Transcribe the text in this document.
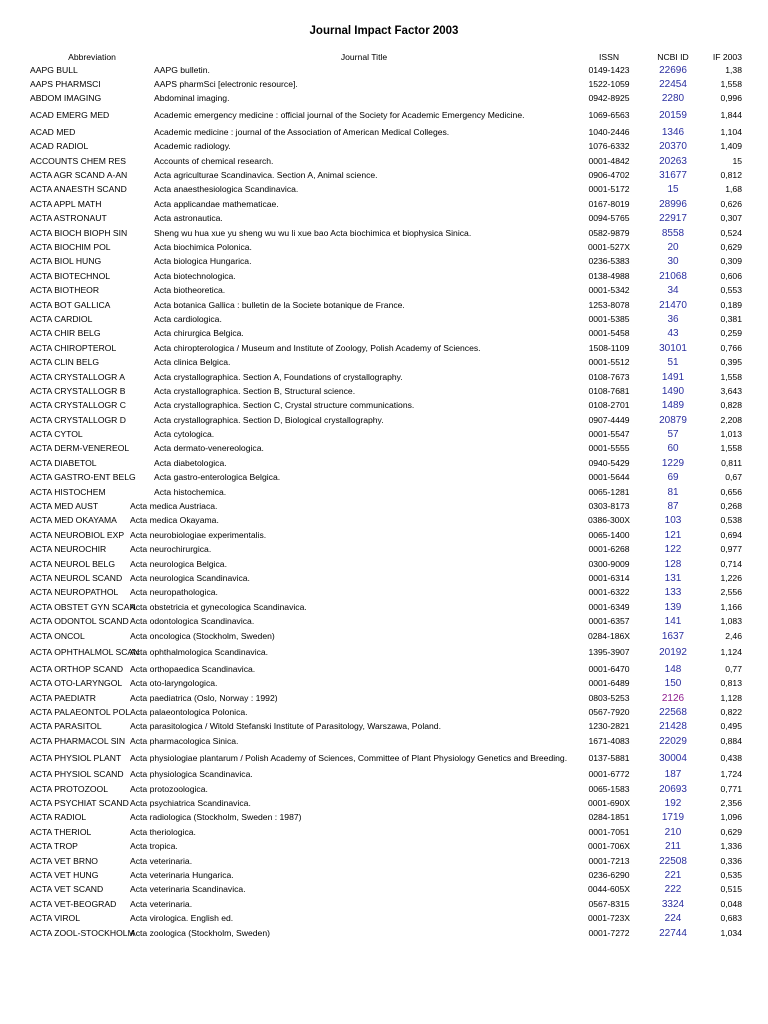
Journal Impact Factor 2003
Abbreviation	Journal Title	ISSN	NCBI ID	IF 2003
AAPG BULL	AAPG bulletin.	0149-1423	22696	1,38
AAPS PHARMSCI	AAPS pharmSci [electronic resource].	1522-1059	22454	1,558
ABDOM IMAGING	Abdominal imaging.	0942-8925	2280	0,996
ACAD EMERG MED	Academic emergency medicine : official journal of the Society for Academic Emergency Medicine.	1069-6563	20159	1,844
ACAD MED	Academic medicine : journal of the Association of American Medical Colleges.	1040-2446	1346	1,104
ACAD RADIOL	Academic radiology.	1076-6332	20370	1,409
ACCOUNTS CHEM RES	Accounts of chemical research.	0001-4842	20263	15
ACTA AGR SCAND A-AN	Acta agriculturae Scandinavica. Section A, Animal science.	0906-4702	31677	0,812
ACTA ANAESTH SCAND	Acta anaesthesiologica Scandinavica.	0001-5172	15	1,68
ACTA APPL MATH	Acta applicandae mathematicae.	0167-8019	28996	0,626
ACTA ASTRONAUT	Acta astronautica.	0094-5765	22917	0,307
ACTA BIOCH BIOPH SIN	Sheng wu hua xue yu sheng wu wu li xue bao Acta biochimica et biophysica Sinica.	0582-9879	8558	0,524
ACTA BIOCHIM POL	Acta biochimica Polonica.	0001-527X	20	0,629
ACTA BIOL HUNG	Acta biologica Hungarica.	0236-5383	30	0,309
ACTA BIOTECHNOL	Acta biotechnologica.	0138-4988	21068	0,606
ACTA BIOTHEOR	Acta biotheoretica.	0001-5342	34	0,553
ACTA BOT GALLICA	Acta botanica Gallica : bulletin de la Societe botanique de France.	1253-8078	21470	0,189
ACTA CARDIOL	Acta cardiologica.	0001-5385	36	0,381
ACTA CHIR BELG	Acta chirurgica Belgica.	0001-5458	43	0,259
ACTA CHIROPTEROL	Acta chiropterologica / Museum and Institute of Zoology, Polish Academy of Sciences.	1508-1109	30101	0,766
ACTA CLIN BELG	Acta clinica Belgica.	0001-5512	51	0,395
ACTA CRYSTALLOGR A	Acta crystallographica. Section A, Foundations of crystallography.	0108-7673	1491	1,558
ACTA CRYSTALLOGR B	Acta crystallographica. Section B, Structural science.	0108-7681	1490	3,643
ACTA CRYSTALLOGR C	Acta crystallographica. Section C, Crystal structure communications.	0108-2701	1489	0,828
ACTA CRYSTALLOGR D	Acta crystallographica. Section D, Biological crystallography.	0907-4449	20879	2,208
ACTA CYTOL	Acta cytologica.	0001-5547	57	1,013
ACTA DERM-VENEREOL	Acta dermato-venereologica.	0001-5555	60	1,558
ACTA DIABETOL	Acta diabetologica.	0940-5429	1229	0,811
ACTA GASTRO-ENT BELG	Acta gastro-enterologica Belgica.	0001-5644	69	0,67
ACTA HISTOCHEM	Acta histochemica.	0065-1281	81	0,656
ACTA MED AUST	Acta medica Austriaca.	0303-8173	87	0,268
ACTA MED OKAYAMA	Acta medica Okayama.	0386-300X	103	0,538
ACTA NEUROBIOL EXP	Acta neurobiologiae experimentalis.	0065-1400	121	0,694
ACTA NEUROCHIR	Acta neurochirurgica.	0001-6268	122	0,977
ACTA NEUROL BELG	Acta neurologica Belgica.	0300-9009	128	0,714
ACTA NEUROL SCAND	Acta neurologica Scandinavica.	0001-6314	131	1,226
ACTA NEUROPATHOL	Acta neuropathologica.	0001-6322	133	2,556
ACTA OBSTET GYN SCAN	Acta obstetricia et gynecologica Scandinavica.	0001-6349	139	1,166
ACTA ODONTOL SCAND	Acta odontologica Scandinavica.	0001-6357	141	1,083
ACTA ONCOL	Acta oncologica (Stockholm, Sweden)	0284-186X	1637	2,46
ACTA OPHTHALMOL SCAN	Acta ophthalmologica Scandinavica.	1395-3907	20192	1,124
ACTA ORTHOP SCAND	Acta orthopaedica Scandinavica.	0001-6470	148	0,77
ACTA OTO-LARYNGOL	Acta oto-laryngologica.	0001-6489	150	0,813
ACTA PAEDIATR	Acta paediatrica (Oslo, Norway : 1992)	0803-5253	2126	1,128
ACTA PALAEONTOL POL	Acta palaeontologica Polonica.	0567-7920	22568	0,822
ACTA PARASITOL	Acta parasitologica / Witold Stefanski Institute of Parasitology, Warszawa, Poland.	1230-2821	21428	0,495
ACTA PHARMACOL SIN	Acta pharmacologica Sinica.	1671-4083	22029	0,884
ACTA PHYSIOL PLANT	Acta physiologiae plantarum / Polish Academy of Sciences, Committee of Plant Physiology Genetics and Breeding.	0137-5881	30004	0,438
ACTA PHYSIOL SCAND	Acta physiologica Scandinavica.	0001-6772	187	1,724
ACTA PROTOZOOL	Acta protozoologica.	0065-1583	20693	0,771
ACTA PSYCHIAT SCAND	Acta psychiatrica Scandinavica.	0001-690X	192	2,356
ACTA RADIOL	Acta radiologica (Stockholm, Sweden : 1987)	0284-1851	1719	1,096
ACTA THERIOL	Acta theriologica.	0001-7051	210	0,629
ACTA TROP	Acta tropica.	0001-706X	211	1,336
ACTA VET BRNO	Acta veterinaria.	0001-7213	22508	0,336
ACTA VET HUNG	Acta veterinaria Hungarica.	0236-6290	221	0,535
ACTA VET SCAND	Acta veterinaria Scandinavica.	0044-605X	222	0,515
ACTA VET-BEOGRAD	Acta veterinaria.	0567-8315	3324	0,048
ACTA VIROL	Acta virologica. English ed.	0001-723X	224	0,683
ACTA ZOOL-STOCKHOLM	Acta zoologica (Stockholm, Sweden)	0001-7272	22744	1,034
